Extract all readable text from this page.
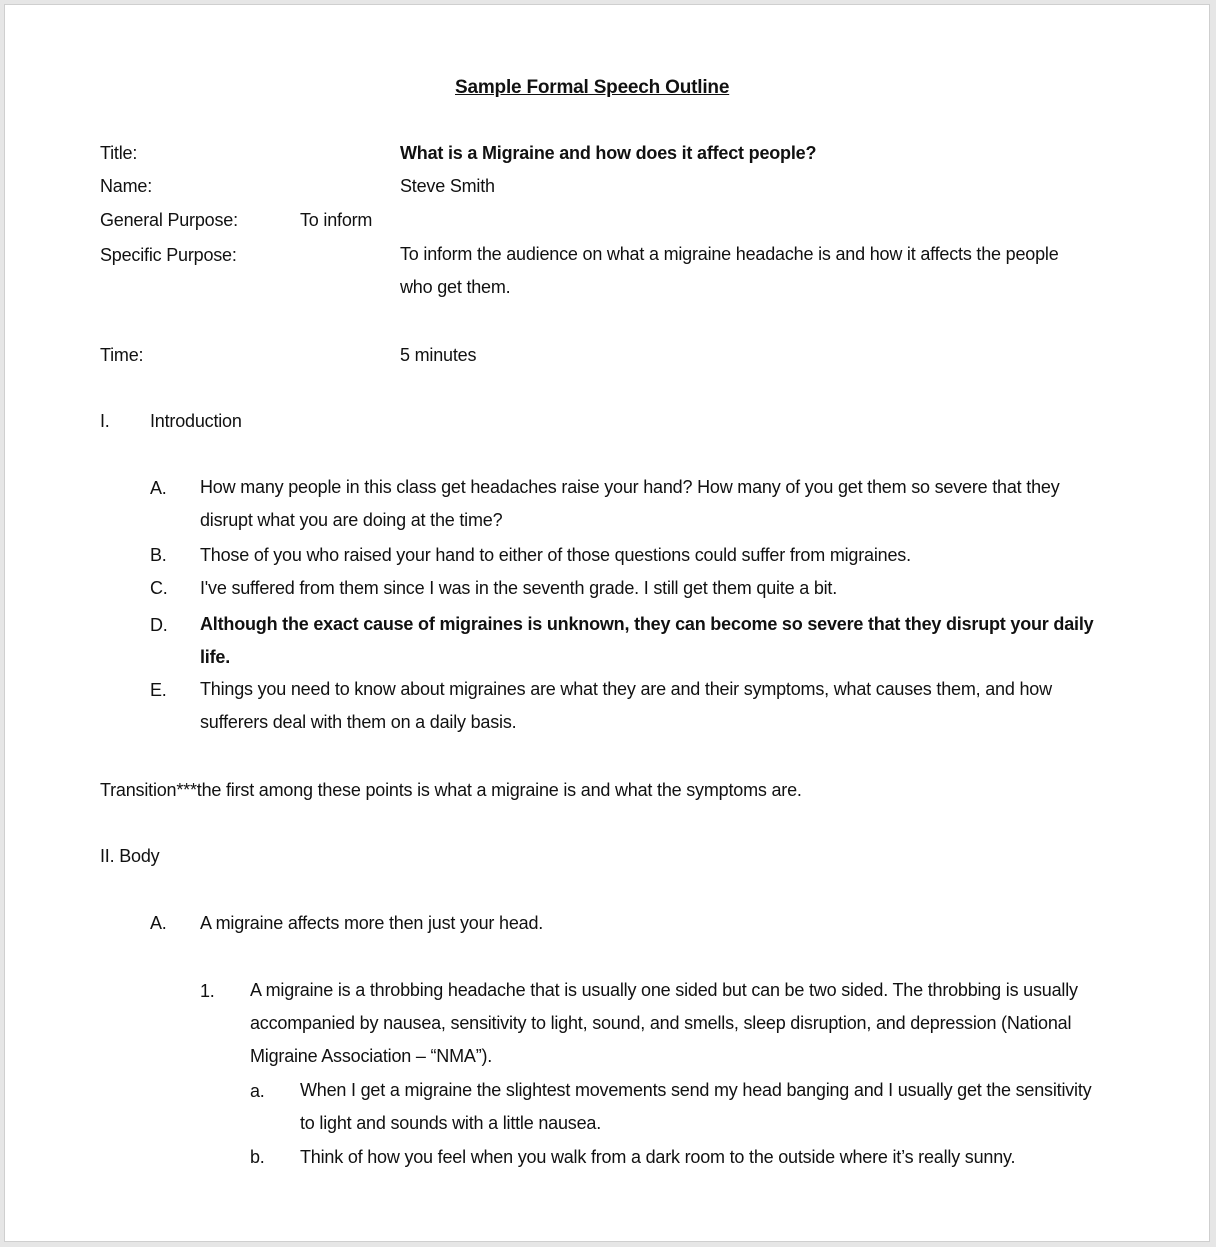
Sample Formal Speech Outline
Title:	What is a Migraine and how does it affect people?
Name:	Steve Smith
General Purpose:	To inform
Specific Purpose:	To inform the audience on what a migraine headache is and how it affects the people who get them.
Time:	5 minutes
I. Introduction
A. How many people in this class get headaches raise your hand? How many of you get them so severe that they disrupt what you are doing at the time?
B. Those of you who raised your hand to either of those questions could suffer from migraines.
C. I've suffered from them since I was in the seventh grade. I still get them quite a bit.
D. Although the exact cause of migraines is unknown, they can become so severe that they disrupt your daily life.
E. Things you need to know about migraines are what they are and their symptoms, what causes them, and how sufferers deal with them on a daily basis.
Transition***the first among these points is what a migraine is and what the symptoms are.
II. Body
A. A migraine affects more then just your head.
1. A migraine is a throbbing headache that is usually one sided but can be two sided. The throbbing is usually accompanied by nausea, sensitivity to light, sound, and smells, sleep disruption, and depression (National Migraine Association – “NMA”).
a. When I get a migraine the slightest movements send my head banging and I usually get the sensitivity to light and sounds with a little nausea.
b. Think of how you feel when you walk from a dark room to the outside where it’s really sunny.
